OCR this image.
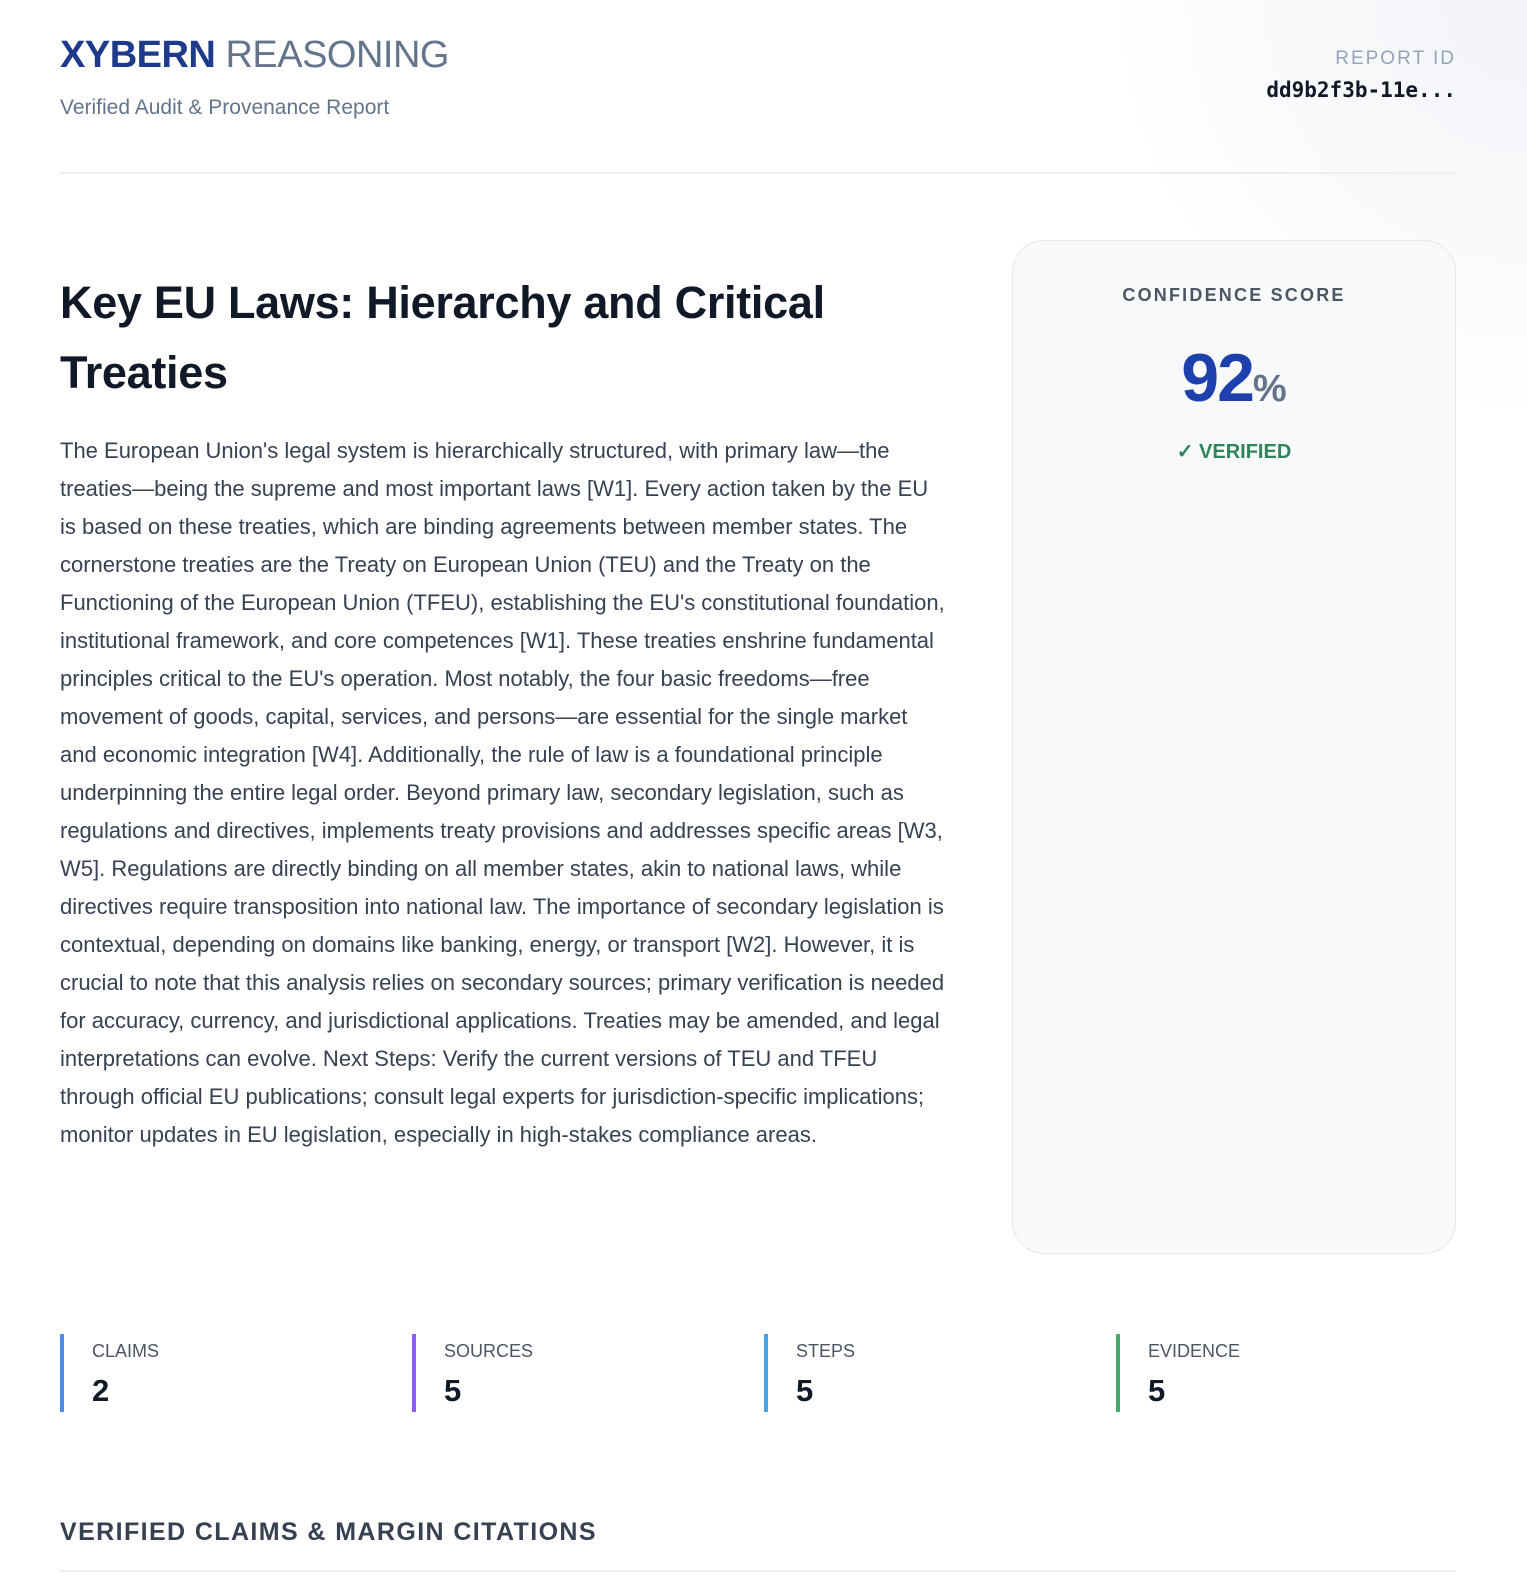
XYBERN REASONING
Verified Audit & Provenance Report
REPORT ID
dd9b2f3b-11e...
Key EU Laws: Hierarchy and Critical Treaties

The European Union's legal system is hierarchically structured, with primary law—the treaties—being the supreme and most important laws [W1]. Every action taken by the EU is based on these treaties, which are binding agreements between member states. The cornerstone treaties are the Treaty on European Union (TEU) and the Treaty on the Functioning of the European Union (TFEU), establishing the EU's constitutional foundation, institutional framework, and core competences [W1]. These treaties enshrine fundamental principles critical to the EU's operation. Most notably, the four basic freedoms—free movement of goods, capital, services, and persons—are essential for the single market and economic integration [W4]. Additionally, the rule of law is a foundational principle underpinning the entire legal order. Beyond primary law, secondary legislation, such as regulations and directives, implements treaty provisions and addresses specific areas [W3, W5]. Regulations are directly binding on all member states, akin to national laws, while directives require transposition into national law. The importance of secondary legislation is contextual, depending on domains like banking, energy, or transport [W2]. However, it is crucial to note that this analysis relies on secondary sources; primary verification is needed for accuracy, currency, and jurisdictional applications. Treaties may be amended, and legal interpretations can evolve. Next Steps: Verify the current versions of TEU and TFEU through official EU publications; consult legal experts for jurisdiction-specific implications; monitor updates in EU legislation, especially in high-stakes compliance areas.

CONFIDENCE SCORE
92%
✓ VERIFIED
CLAIMS
2
SOURCES
5
STEPS
5
EVIDENCE
5
VERIFIED CLAIMS & MARGIN CITATIONS
